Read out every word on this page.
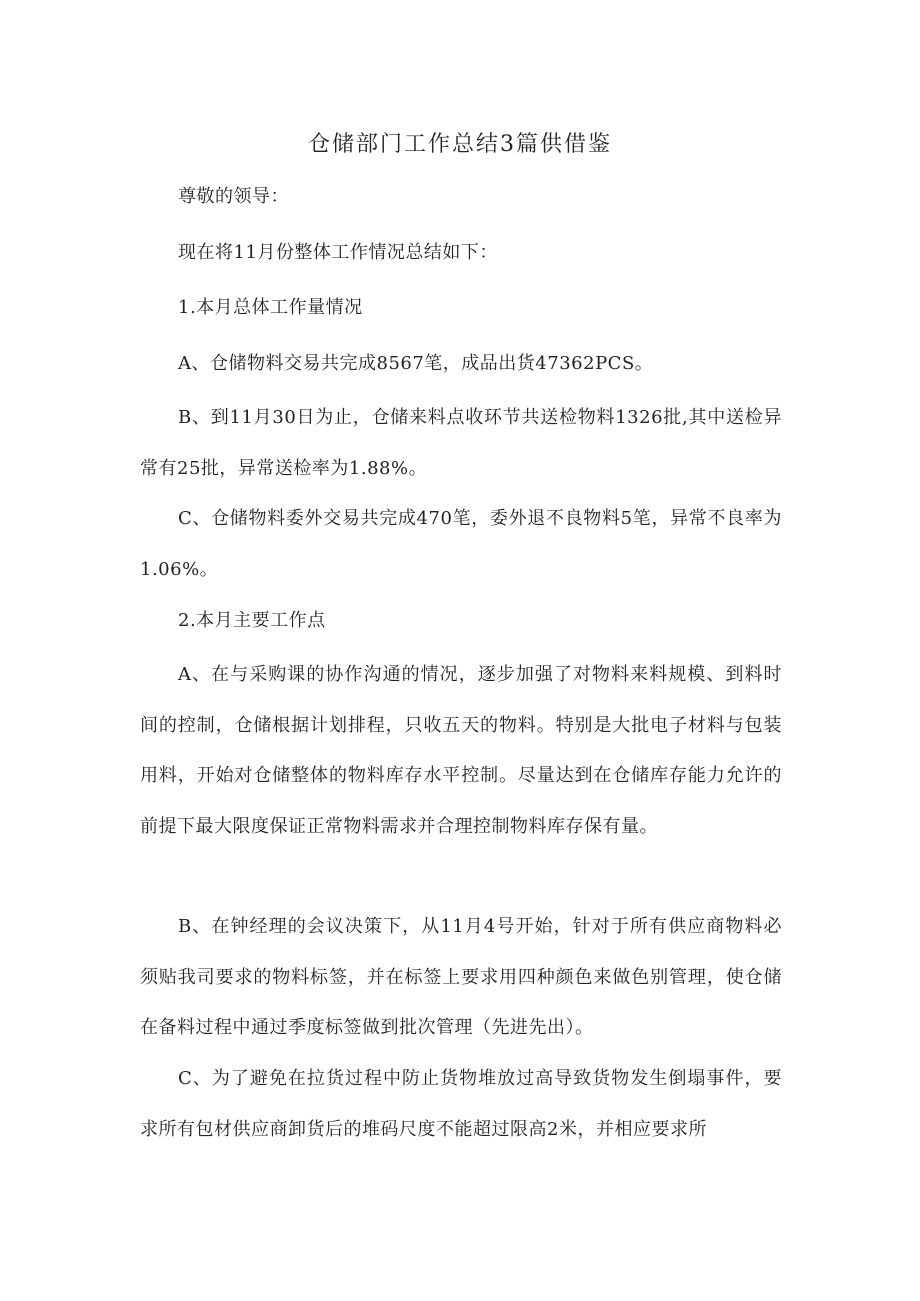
仓储部门工作总结3篇供借鉴
尊敬的领导：
现在将11月份整体工作情况总结如下：
1.本月总体工作量情况
A、仓储物料交易共完成8567笔，成品出货47362PCS。
B、到11月30日为止，仓储来料点收环节共送检物料1326批,其中送检异常有25批，异常送检率为1.88%。
C、仓储物料委外交易共完成470笔，委外退不良物料5笔，异常不良率为1.06%。
2.本月主要工作点
A、在与采购课的协作沟通的情况，逐步加强了对物料来料规模、到料时间的控制，仓储根据计划排程，只收五天的物料。特别是大批电子材料与包装用料，开始对仓储整体的物料库存水平控制。尽量达到在仓储库存能力允许的前提下最大限度保证正常物料需求并合理控制物料库存保有量。
B、在钟经理的会议决策下，从11月4号开始，针对于所有供应商物料必须贴我司要求的物料标签，并在标签上要求用四种颜色来做色别管理，使仓储在备料过程中通过季度标签做到批次管理（先进先出）。
C、为了避免在拉货过程中防止货物堆放过高导致货物发生倒塌事件，要求所有包材供应商卸货后的堆码尺度不能超过限高2米，并相应要求所
